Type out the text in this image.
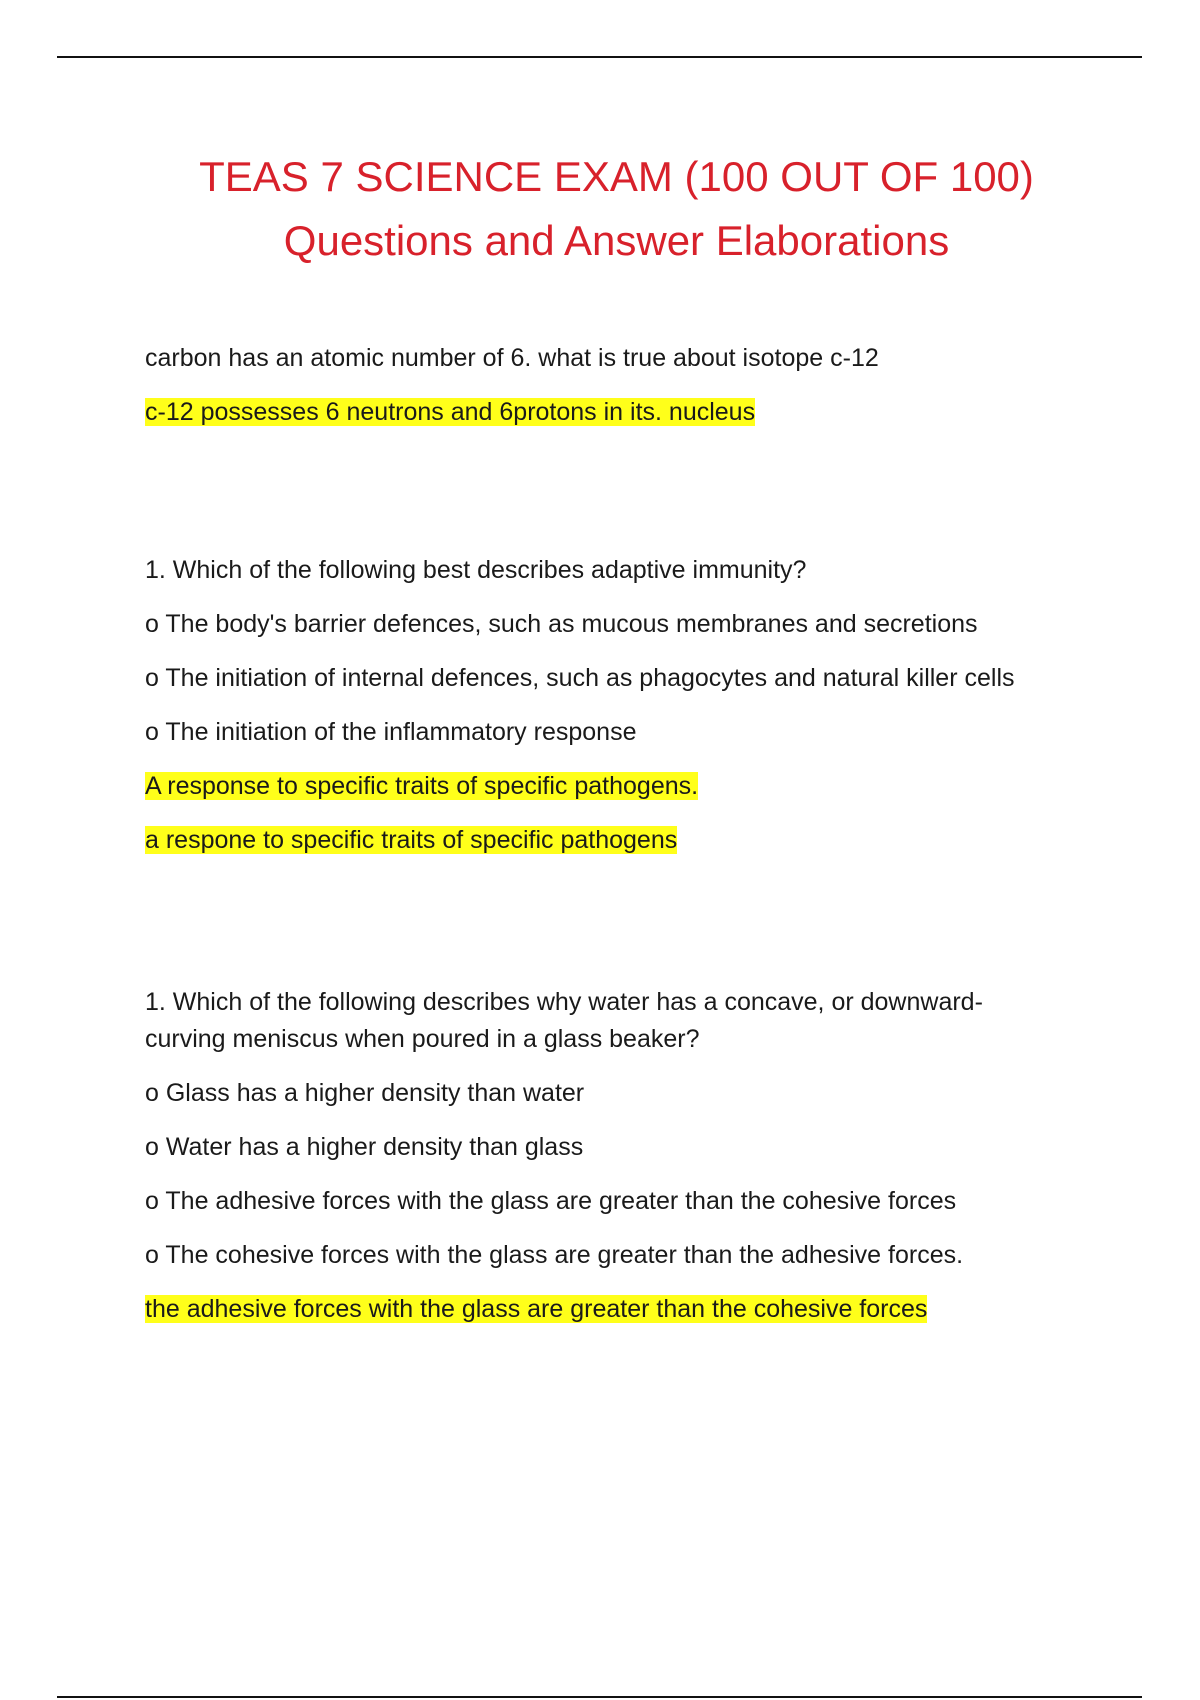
TEAS 7 SCIENCE EXAM (100 OUT OF 100)
Questions and Answer Elaborations
carbon has an atomic number of 6. what is true about isotope c-12
c-12 possesses 6 neutrons and 6protons in its. nucleus
1. Which of the following best describes adaptive immunity?
o The body's barrier defences, such as mucous membranes and secretions
o The initiation of internal defences, such as phagocytes and natural killer cells
o The initiation of the inflammatory response
A response to specific traits of specific pathogens.
a respone to specific traits of specific pathogens
1. Which of the following describes why water has a concave, or downward-
curving meniscus when poured in a glass beaker?
o Glass has a higher density than water
o Water has a higher density than glass
o The adhesive forces with the glass are greater than the cohesive forces
o The cohesive forces with the glass are greater than the adhesive forces.
the adhesive forces with the glass are greater than the cohesive forces
